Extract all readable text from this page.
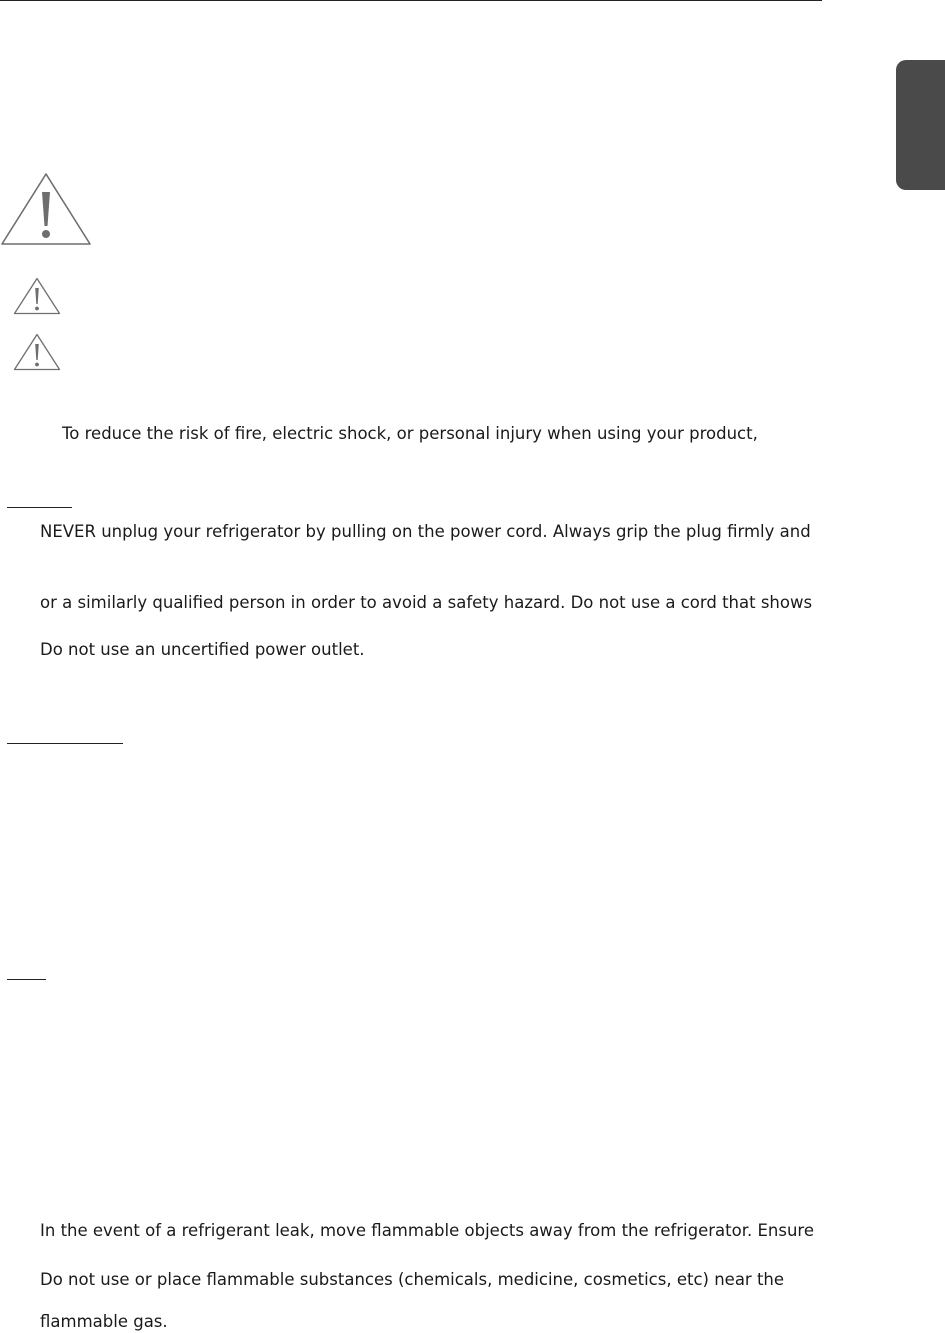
To reduce the risk of fire, electric shock, or personal injury when using your product,
NEVER unplug your refrigerator by pulling on the power cord. Always grip the plug firmly and
or a similarly qualified person in order to avoid a safety hazard. Do not use a cord that shows
Do not use an uncertified power outlet.
In the event of a refrigerant leak, move flammable objects away from the refrigerator. Ensure
Do not use or place flammable substances (chemicals, medicine, cosmetics, etc) near the
flammable gas.
